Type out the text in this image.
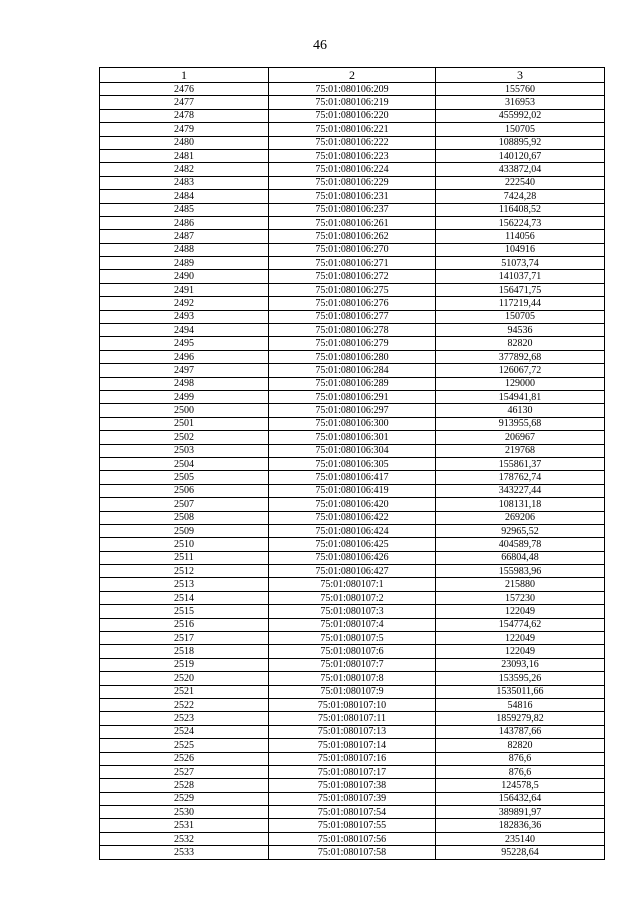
46
1	2	3
2476	75:01:080106:209	155760
2477	75:01:080106:219	316953
2478	75:01:080106:220	455992,02
2479	75:01:080106:221	150705
2480	75:01:080106:222	108895,92
2481	75:01:080106:223	140120,67
2482	75:01:080106:224	433872,04
2483	75:01:080106:229	222540
2484	75:01:080106:231	7424,28
2485	75:01:080106:237	116408,52
2486	75:01:080106:261	156224,73
2487	75:01:080106:262	114056
2488	75:01:080106:270	104916
2489	75:01:080106:271	51073,74
2490	75:01:080106:272	141037,71
2491	75:01:080106:275	156471,75
2492	75:01:080106:276	117219,44
2493	75:01:080106:277	150705
2494	75:01:080106:278	94536
2495	75:01:080106:279	82820
2496	75:01:080106:280	377892,68
2497	75:01:080106:284	126067,72
2498	75:01:080106:289	129000
2499	75:01:080106:291	154941,81
2500	75:01:080106:297	46130
2501	75:01:080106:300	913955,68
2502	75:01:080106:301	206967
2503	75:01:080106:304	219768
2504	75:01:080106:305	155861,37
2505	75:01:080106:417	178762,74
2506	75:01:080106:419	343227,44
2507	75:01:080106:420	108131,18
2508	75:01:080106:422	269206
2509	75:01:080106:424	92965,52
2510	75:01:080106:425	404589,78
2511	75:01:080106:426	66804,48
2512	75:01:080106:427	155983,96
2513	75:01:080107:1	215880
2514	75:01:080107:2	157230
2515	75:01:080107:3	122049
2516	75:01:080107:4	154774,62
2517	75:01:080107:5	122049
2518	75:01:080107:6	122049
2519	75:01:080107:7	23093,16
2520	75:01:080107:8	153595,26
2521	75:01:080107:9	1535011,66
2522	75:01:080107:10	54816
2523	75:01:080107:11	1859279,82
2524	75:01:080107:13	143787,66
2525	75:01:080107:14	82820
2526	75:01:080107:16	876,6
2527	75:01:080107:17	876,6
2528	75:01:080107:38	124578,5
2529	75:01:080107:39	156432,64
2530	75:01:080107:54	389891,97
2531	75:01:080107:55	182836,36
2532	75:01:080107:56	235140
2533	75:01:080107:58	95228,64
